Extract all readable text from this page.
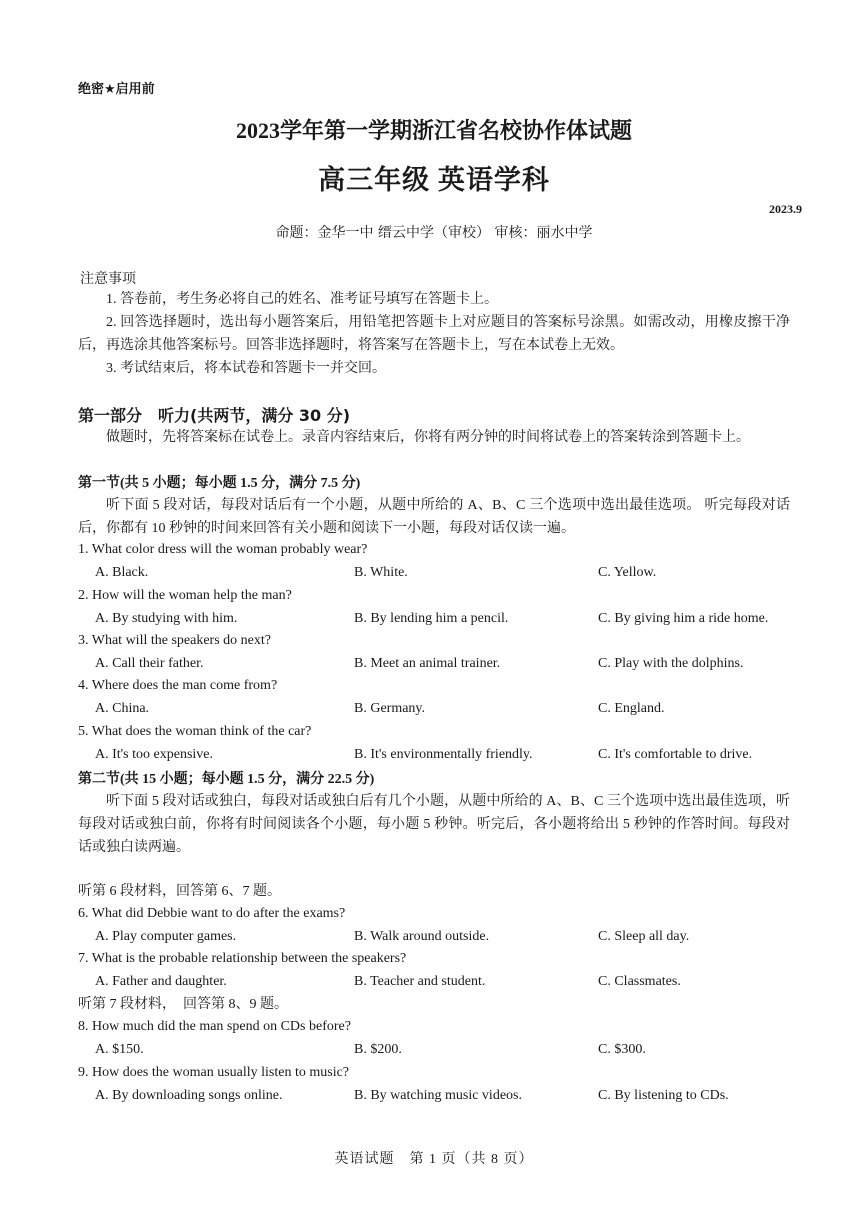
绝密★启用前
2023学年第一学期浙江省名校协作体试题
高三年级 英语学科
2023.9
命题：金华一中 缙云中学（审校） 审核：丽水中学
注意事项
1. 答卷前，考生务必将自己的姓名、准考证号填写在答题卡上。
2. 回答选择题时，选出每小题答案后，用铅笔把答题卡上对应题目的答案标号涂黑。如需改动，用橡皮擦干净后，再选涂其他答案标号。回答非选择题时，将答案写在答题卡上，写在本试卷上无效。
3. 考试结束后，将本试卷和答题卡一并交回。
第一部分　听力(共两节，满分 30 分)
做题时，先将答案标在试卷上。录音内容结束后，你将有两分钟的时间将试卷上的答案转涂到答题卡上。
第一节(共 5 小题；每小题 1.5 分，满分 7.5 分)
听下面 5 段对话，每段对话后有一个小题，从题中所给的 A、B、C 三个选项中选出最佳选项。 听完每段对话后，你都有 10 秒钟的时间来回答有关小题和阅读下一小题，每段对话仅读一遍。
1. What color dress will the woman probably wear?
A. Black.	B. White.	C. Yellow.
2. How will the woman help the man?
A. By studying with him.	B. By lending him a pencil.	C. By giving him a ride home.
3. What will the speakers do next?
A. Call their father.	B. Meet an animal trainer.	C. Play with the dolphins.
4. Where does the man come from?
A. China.	B. Germany.	C. England.
5. What does the woman think of the car?
A. It's too expensive.	B. It's environmentally friendly.	C. It's comfortable to drive.
第二节(共 15 小题；每小题 1.5 分，满分 22.5 分)
听下面 5 段对话或独白，每段对话或独白后有几个小题，从题中所给的 A、B、C 三个选项中选出最佳选项，听每段对话或独白前，你将有时间阅读各个小题，每小题 5 秒钟。听完后，各小题将给出 5 秒钟的作答时间。每段对话或独白读两遍。
听第 6 段材料，回答第 6、7 题。
6. What did Debbie want to do after the exams?
A. Play computer games.	B. Walk around outside.	C. Sleep all day.
7. What is the probable relationship between the speakers?
A. Father and daughter.	B. Teacher and student.	C. Classmates.
听第 7 段材料，　回答第 8、9 题。
8. How much did the man spend on CDs before?
A. $150.	B. $200.	C. $300.
9. How does the woman usually listen to music?
A. By downloading songs online.	B. By watching music videos.	C. By listening to CDs.
英语试题　第 1 页（共 8 页）
